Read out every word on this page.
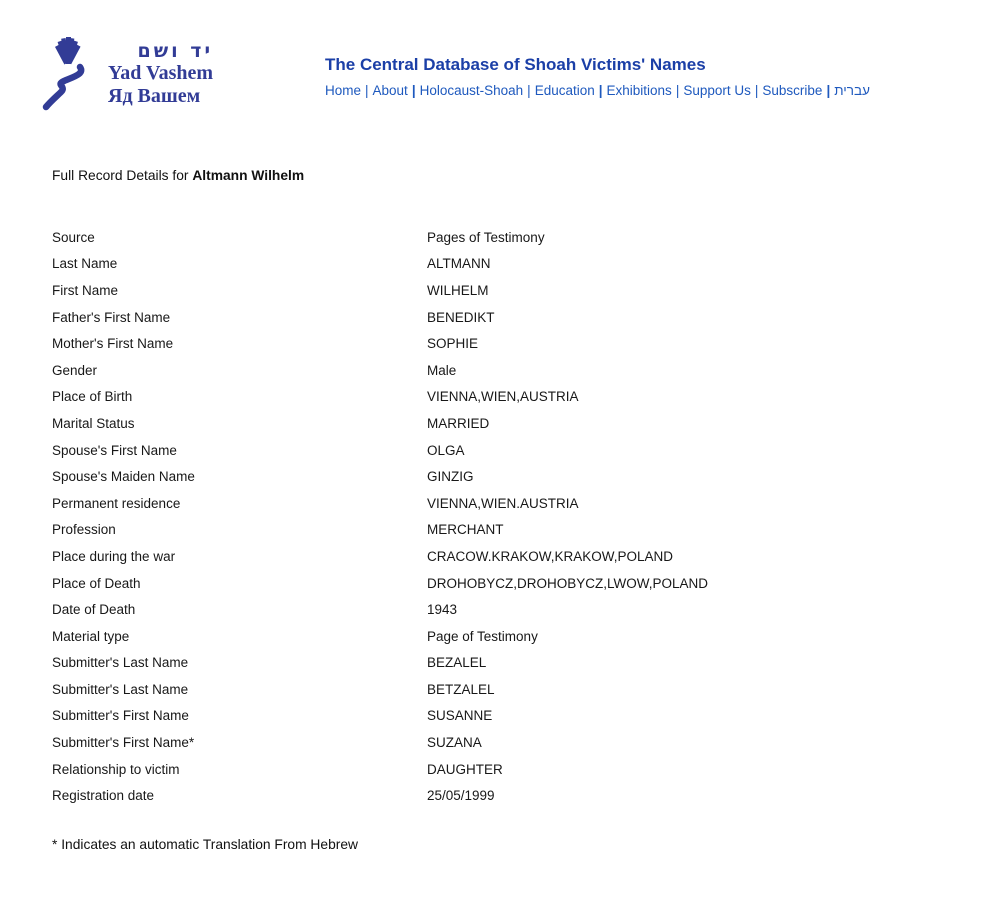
יד ושם
Yad Vashem
Яд Вашем
The Central Database of Shoah Victims' Names
Home | About | Holocaust-Shoah | Education | Exhibitions | Support Us | Subscribe | עברית
Full Record Details for Altmann Wilhelm
Source	Pages of Testimony
Last Name	ALTMANN
First Name	WILHELM
Father's First Name	BENEDIKT
Mother's First Name	SOPHIE
Gender	Male
Place of Birth	VIENNA,WIEN,AUSTRIA
Marital Status	MARRIED
Spouse's First Name	OLGA
Spouse's Maiden Name	GINZIG
Permanent residence	VIENNA,WIEN.AUSTRIA
Profession	MERCHANT
Place during the war	CRACOW.KRAKOW,KRAKOW,POLAND
Place of Death	DROHOBYCZ,DROHOBYCZ,LWOW,POLAND
Date of Death	1943
Material type	Page of Testimony
Submitter's Last Name	BEZALEL
Submitter's Last Name	BETZALEL
Submitter's First Name	SUSANNE
Submitter's First Name*	SUZANA
Relationship to victim	DAUGHTER
Registration date	25/05/1999
* Indicates an automatic Translation From Hebrew
